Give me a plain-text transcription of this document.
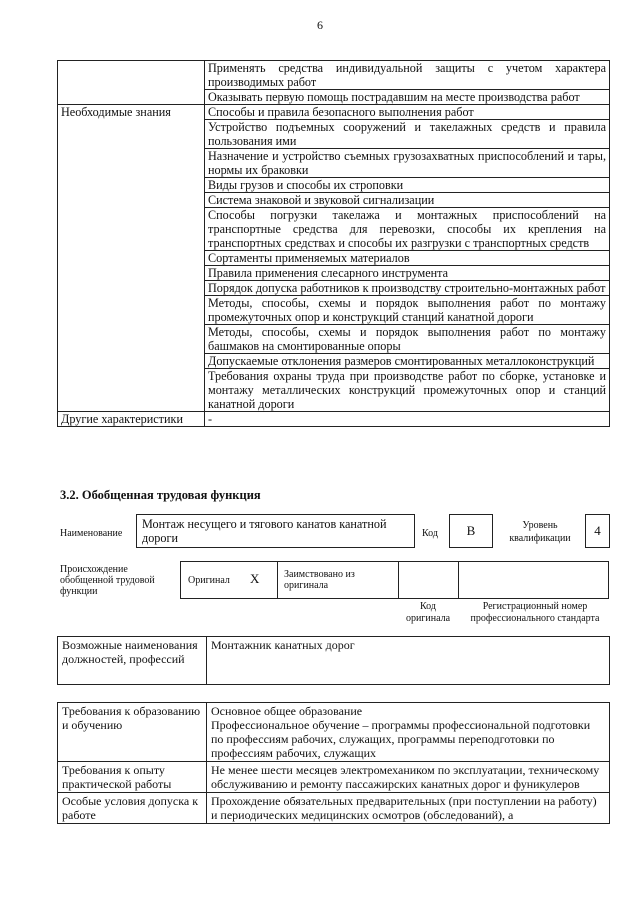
6
	Применять средства индивидуальной защиты с учетом характера производимых работ
	Оказывать первую помощь пострадавшим на месте производства работ
Необходимые знания	Способы и правила безопасного выполнения работ
	Устройство подъемных сооружений и такелажных средств и правила пользования ими
	Назначение и устройство съемных грузозахватных приспособлений и тары, нормы их браковки
	Виды грузов и способы их строповки
	Система знаковой и звуковой сигнализации
	Способы погрузки такелажа и монтажных приспособлений на транспортные средства для перевозки, способы их крепления на транспортных средствах и способы их разгрузки с транспортных средств
	Сортаменты применяемых материалов
	Правила применения слесарного инструмента
	Порядок допуска работников к производству строительно-монтажных работ
	Методы, способы, схемы и порядок выполнения работ по монтажу промежуточных опор и конструкций станций канатной дороги
	Методы, способы, схемы и порядок выполнения работ по монтажу башмаков на смонтированные опоры
	Допускаемые отклонения размеров смонтированных металлоконструкций
	Требования охраны труда при производстве работ по сборке, установке и монтажу металлических конструкций промежуточных опор и станций канатной дороги
Другие характеристики	-
3.2. Обобщенная трудовая функция
Наименование
Монтаж несущего и тягового канатов канатной дороги	Код	B	Уровень квалификации
4
Происхождение обобщенной трудовой функции
Оригинал X Заимствовано из оригинала
Код оригинала
Регистрационный номер профессионального стандарта
Возможные наименования должностей, профессий	Монтажник канатных дорог
Требования к образованию и обучению	Основное общее образование
Профессиональное обучение – программы профессиональной подготовки по профессиям рабочих, служащих, программы переподготовки по профессиям рабочих, служащих

Требования к опыту практической работы	Не менее шести месяцев электромехаником по эксплуатации, техническому обслуживанию и ремонту пассажирских канатных дорог и фуникулеров

Особые условия допуска к работе	Прохождение обязательных предварительных (при поступлении на работу) и периодических медицинских осмотров (обследований), а
